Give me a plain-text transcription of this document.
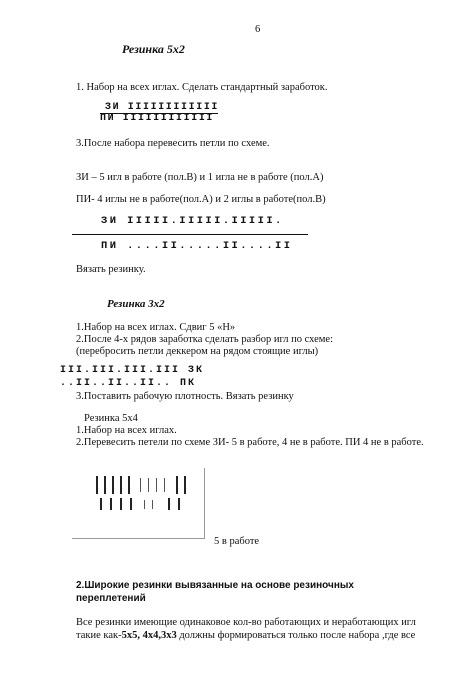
6
Резинка 5х2
1. Набор на всех иглах. Сделать стандартный заработок.
ЗИ IIIIIIIIIIII
ПИ IIIIIIIIIIII
3.После набора перевесить петли по схеме.
ЗИ – 5 игл в работе (пол.В) и 1 игла не в работе (пол.А)
ПИ- 4 иглы не в работе(пол.А) и 2 иглы в работе(пол.В)
ЗИ IIIII.IIIII.IIIII.
ПИ ....II.....II....II
Вязать резинку.
Резинка 3х2
1.Набор на всех иглах. Сдвиг 5 «Н»
2.После 4-х рядов заработка сделать разбор игл по схеме:
(перебросить петли деккером на рядом стоящие иглы)
III.III.III.III ЗК
..II..II..II.. ПК
3.Поставить рабочую плотность. Вязать резинку
Резинка 5х4
1.Набор на всех иглах.
2.Перевесить петели по схеме ЗИ- 5 в работе, 4 не в работе. ПИ 4 не в работе.
5 в работе
2.Широкие резинки вывязанные на основе резиночных
переплетений
Все резинки имеющие одинаковое кол-во работающих и неработающих игл
такие как-5х5, 4х4,3х3 должны формироваться только после набора ,где все
